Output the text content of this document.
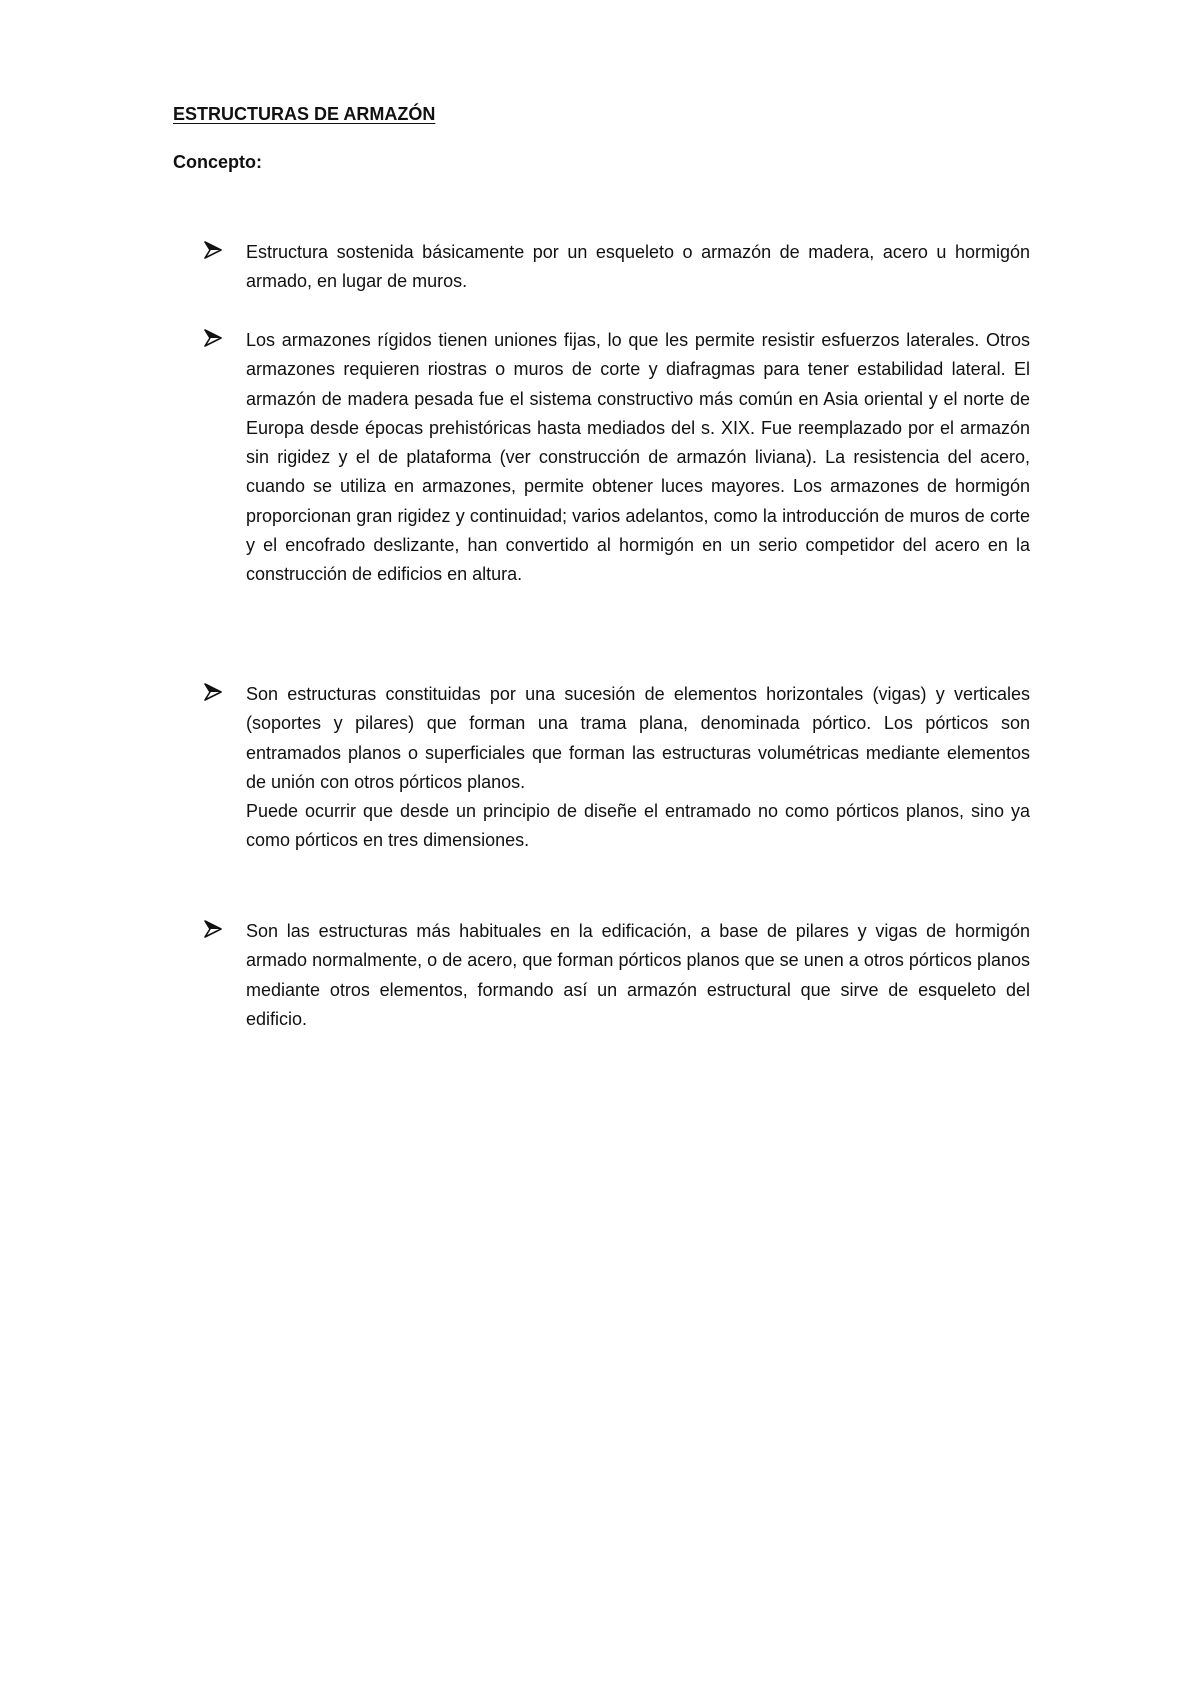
ESTRUCTURAS DE ARMAZÓN
Concepto:

Estructura sostenida básicamente por un esqueleto o armazón de madera, acero u hormigón armado, en lugar de muros.

Los armazones rígidos tienen uniones fijas, lo que les permite resistir esfuerzos laterales. Otros armazones requieren riostras o muros de corte y diafragmas para tener estabilidad lateral. El armazón de madera pesada fue el sistema constructivo más común en Asia oriental y el norte de Europa desde épocas prehistóricas hasta mediados del s. XIX. Fue reemplazado por el armazón sin rigidez y el de plataforma (ver construcción de armazón liviana). La resistencia del acero, cuando se utiliza en armazones, permite obtener luces mayores. Los armazones de hormigón proporcionan gran rigidez y continuidad; varios adelantos, como la introducción de muros de corte y el encofrado deslizante, han convertido al hormigón en un serio competidor del acero en la construcción de edificios en altura.

Son estructuras constituidas por una sucesión de elementos horizontales (vigas) y verticales (soportes y pilares) que forman una trama plana, denominada pórtico. Los pórticos son entramados planos o superficiales que forman las estructuras volumétricas mediante elementos de unión con otros pórticos planos.

Puede ocurrir que desde un principio de diseñe el entramado no como pórticos planos, sino ya como pórticos en tres dimensiones.

Son las estructuras más habituales en la edificación, a base de pilares y vigas de hormigón armado normalmente, o de acero, que forman pórticos planos que se unen a otros pórticos planos mediante otros elementos, formando así un armazón estructural que sirve de esqueleto del edificio.
